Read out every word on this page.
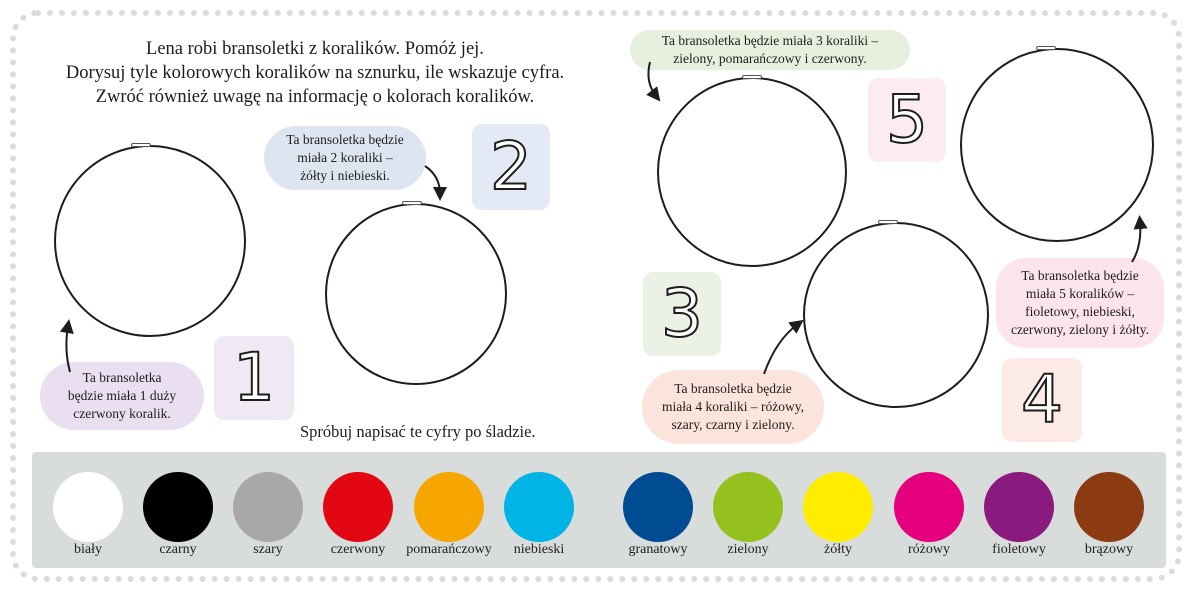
Lena robi bransoletki z koralików. Pomóż jej.
Dorysuj tyle kolorowych koralików na sznurku, ile wskazuje cyfra.
Zwróć również uwagę na informację o kolorach koralików.
Ta bransoletka
będzie miała 1 duży
czerwony koralik. 1
Ta bransoletka będzie
miała 2 koraliki –
żółty i niebieski. 2
Ta bransoletka będzie miała 3 koraliki –
zielony, pomarańczowy i czerwony.
3
Ta bransoletka będzie
miała 4 koraliki – różowy,
szary, czarny i zielony.	4
Ta bransoletka będzie
miała 5 koralików –
fioletowy, niebieski,
czerwony, zielony i żółty.
5
Spróbuj napisać te cyfry po śladzie.
biały	czarny	szary	czerwony	pomarańczowy	niebieski	granatowy	zielony	żółty	różowy	fioletowy	brązowy
